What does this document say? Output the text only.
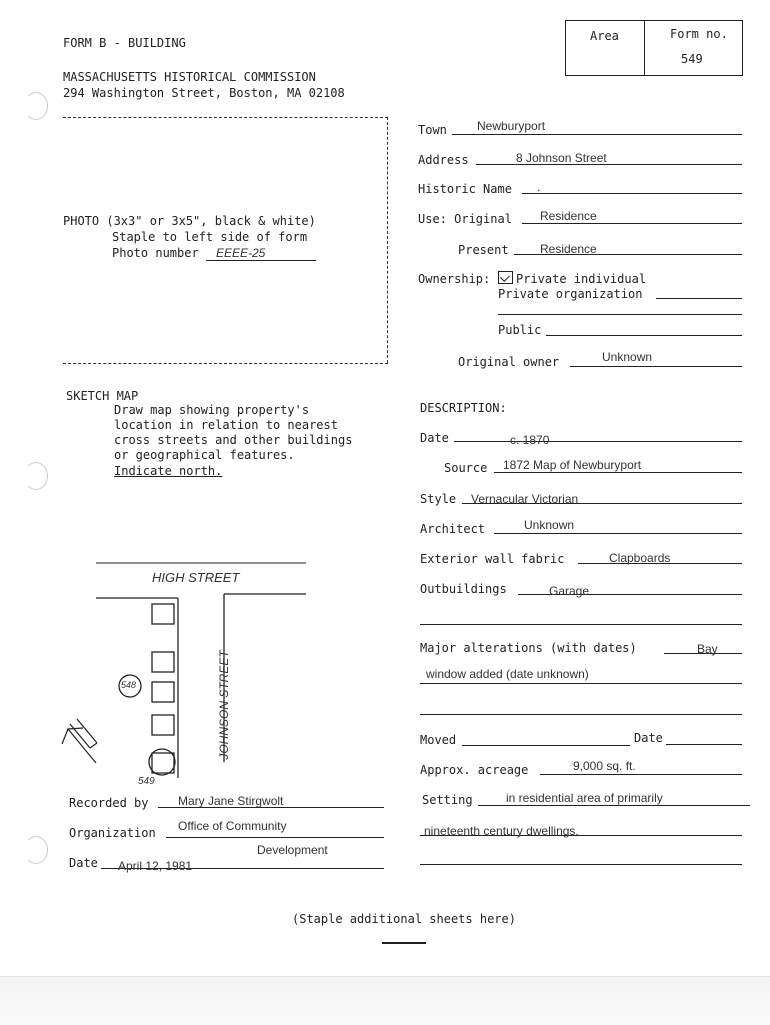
FORM B - BUILDING
MASSACHUSETTS HISTORICAL COMMISSION
294 Washington Street, Boston, MA 02108
Area	Form no.
549
PHOTO (3x3" or 3x5", black & white)
Staple to left side of form
Photo number EEEE-25
Town	Newburyport
Address	8 Johnson Street
Historic Name .
Use: Original Residence
Present	Residence
Ownership:	Private individual
Private organization
Public
Original owner	Unknown
DESCRIPTION:
Date	c. 1870
Source 1872 Map of Newburyport
Style Vernacular Victorian
Architect	Unknown
Exterior wall fabric	Clapboards
Outbuildings	Garage
Major alterations (with dates)	Bay
window added (date unknown)
Moved	Date
Approx. acreage	9,000 sq. ft.
Setting	in residential area of primarily
nineteenth century dwellings.
SKETCH MAP
Draw map showing property's
location in relation to nearest
cross streets and other buildings
or geographical features.
Indicate north.
HIGH STREET
JOHNSON STREET
548
549
Recorded by Mary Jane Stirgwolt
Organization Office of Community
Development
Date April 12, 1981
(Staple additional sheets here)
